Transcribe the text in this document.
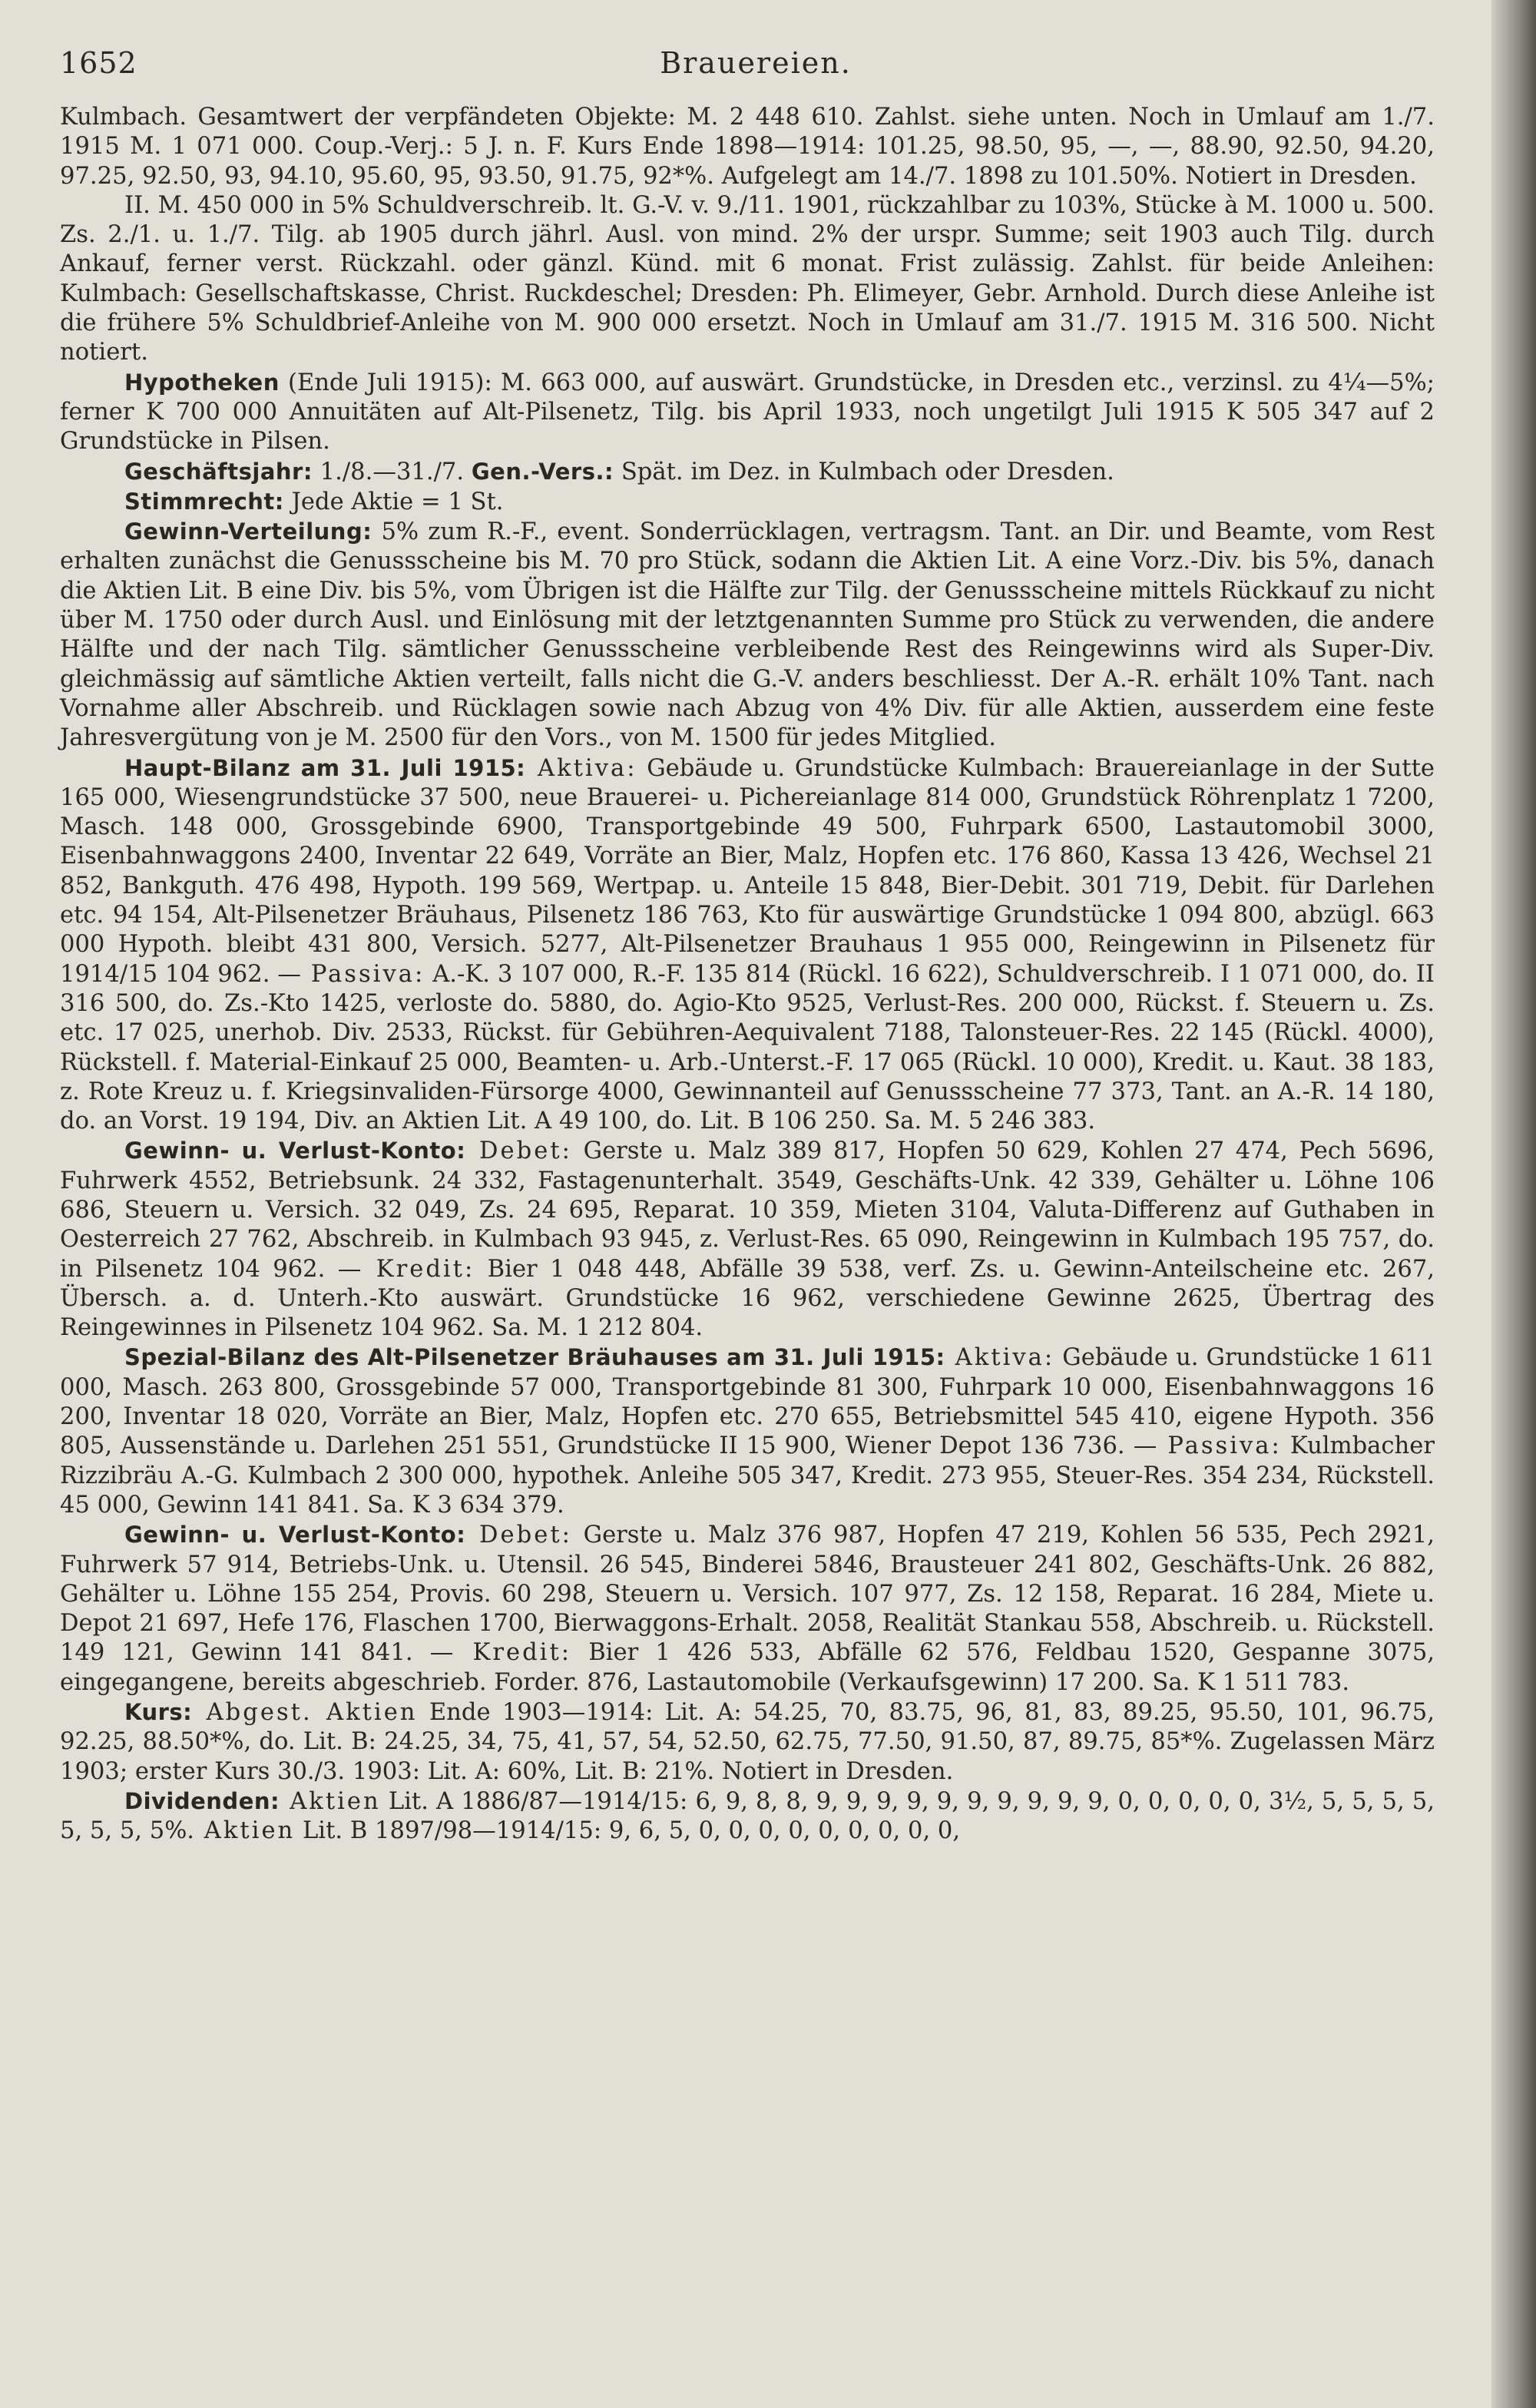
1652	Brauereien.

Kulmbach. Gesamtwert der verpfändeten Objekte: M. 2 448 610. Zahlst. siehe unten. Noch in Umlauf am 1./7. 1915 M. 1 071 000. Coup.-Verj.: 5 J. n. F. Kurs Ende 1898—1914: 101.25, 98.50, 95, —, —, 88.90, 92.50, 94.20, 97.25, 92.50, 93, 94.10, 95.60, 95, 93.50, 91.75, 92*%. Aufgelegt am 14./7. 1898 zu 101.50%. Notiert in Dresden.

II. M. 450 000 in 5% Schuldverschreib. lt. G.-V. v. 9./11. 1901, rückzahlbar zu 103%, Stücke à M. 1000 u. 500. Zs. 2./1. u. 1./7. Tilg. ab 1905 durch jährl. Ausl. von mind. 2% der urspr. Summe; seit 1903 auch Tilg. durch Ankauf, ferner verst. Rückzahl. oder gänzl. Künd. mit 6 monat. Frist zulässig. Zahlst. für beide Anleihen: Kulmbach: Gesellschaftskasse, Christ. Ruckdeschel; Dresden: Ph. Elimeyer, Gebr. Arnhold. Durch diese Anleihe ist die frühere 5% Schuldbrief-Anleihe von M. 900 000 ersetzt. Noch in Umlauf am 31./7. 1915 M. 316 500. Nicht notiert.

Hypotheken (Ende Juli 1915): M. 663 000, auf auswärt. Grundstücke, in Dresden etc., verzinsl. zu 4¼—5%; ferner K 700 000 Annuitäten auf Alt-Pilsenetz, Tilg. bis April 1933, noch ungetilgt Juli 1915 K 505 347 auf 2 Grundstücke in Pilsen.

Geschäftsjahr: 1./8.—31./7. Gen.-Vers.: Spät. im Dez. in Kulmbach oder Dresden.

Stimmrecht: Jede Aktie = 1 St.

Gewinn-Verteilung: 5% zum R.-F., event. Sonderrücklagen, vertragsm. Tant. an Dir. und Beamte, vom Rest erhalten zunächst die Genussscheine bis M. 70 pro Stück, sodann die Aktien Lit. A eine Vorz.-Div. bis 5%, danach die Aktien Lit. B eine Div. bis 5%, vom Übrigen ist die Hälfte zur Tilg. der Genussscheine mittels Rückkauf zu nicht über M. 1750 oder durch Ausl. und Einlösung mit der letztgenannten Summe pro Stück zu verwenden, die andere Hälfte und der nach Tilg. sämtlicher Genussscheine verbleibende Rest des Reingewinns wird als Super-Div. gleichmässig auf sämtliche Aktien verteilt, falls nicht die G.-V. anders beschliesst. Der A.-R. erhält 10% Tant. nach Vornahme aller Abschreib. und Rücklagen sowie nach Abzug von 4% Div. für alle Aktien, ausserdem eine feste Jahresvergütung von je M. 2500 für den Vors., von M. 1500 für jedes Mitglied.

Haupt-Bilanz am 31. Juli 1915: Aktiva: Gebäude u. Grundstücke Kulmbach: Brauereianlage in der Sutte 165 000, Wiesengrundstücke 37 500, neue Brauerei- u. Pichereianlage 814 000, Grundstück Röhrenplatz 1 7200, Masch. 148 000, Grossgebinde 6900, Transportgebinde 49 500, Fuhrpark 6500, Lastautomobil 3000, Eisenbahnwaggons 2400, Inventar 22 649, Vorräte an Bier, Malz, Hopfen etc. 176 860, Kassa 13 426, Wechsel 21 852, Bankguth. 476 498, Hypoth. 199 569, Wertpap. u. Anteile 15 848, Bier-Debit. 301 719, Debit. für Darlehen etc. 94 154, Alt-Pilsenetzer Bräuhaus, Pilsenetz 186 763, Kto für auswärtige Grundstücke 1 094 800, abzügl. 663 000 Hypoth. bleibt 431 800, Versich. 5277, Alt-Pilsenetzer Brauhaus 1 955 000, Reingewinn in Pilsenetz für 1914/15 104 962. — Passiva: A.-K. 3 107 000, R.-F. 135 814 (Rückl. 16 622), Schuldverschreib. I 1 071 000, do. II 316 500, do. Zs.-Kto 1425, verloste do. 5880, do. Agio-Kto 9525, Verlust-Res. 200 000, Rückst. f. Steuern u. Zs. etc. 17 025, unerhob. Div. 2533, Rückst. für Gebühren-Aequivalent 7188, Talonsteuer-Res. 22 145 (Rückl. 4000), Rückstell. f. Material-Einkauf 25 000, Beamten- u. Arb.-Unterst.-F. 17 065 (Rückl. 10 000), Kredit. u. Kaut. 38 183, z. Rote Kreuz u. f. Kriegsinvaliden-Fürsorge 4000, Gewinnanteil auf Genussscheine 77 373, Tant. an A.-R. 14 180, do. an Vorst. 19 194, Div. an Aktien Lit. A 49 100, do. Lit. B 106 250. Sa. M. 5 246 383.

Gewinn- u. Verlust-Konto: Debet: Gerste u. Malz 389 817, Hopfen 50 629, Kohlen 27 474, Pech 5696, Fuhrwerk 4552, Betriebsunk. 24 332, Fastagenunterhalt. 3549, Geschäfts-Unk. 42 339, Gehälter u. Löhne 106 686, Steuern u. Versich. 32 049, Zs. 24 695, Reparat. 10 359, Mieten 3104, Valuta-Differenz auf Guthaben in Oesterreich 27 762, Abschreib. in Kulmbach 93 945, z. Verlust-Res. 65 090, Reingewinn in Kulmbach 195 757, do. in Pilsenetz 104 962. — Kredit: Bier 1 048 448, Abfälle 39 538, verf. Zs. u. Gewinn-Anteilscheine etc. 267, Übersch. a. d. Unterh.-Kto auswärt. Grundstücke 16 962, verschiedene Gewinne 2625, Übertrag des Reingewinnes in Pilsenetz 104 962. Sa. M. 1 212 804.

Spezial-Bilanz des Alt-Pilsenetzer Bräuhauses am 31. Juli 1915: Aktiva: Gebäude u. Grundstücke 1 611 000, Masch. 263 800, Grossgebinde 57 000, Transportgebinde 81 300, Fuhrpark 10 000, Eisenbahnwaggons 16 200, Inventar 18 020, Vorräte an Bier, Malz, Hopfen etc. 270 655, Betriebsmittel 545 410, eigene Hypoth. 356 805, Aussenstände u. Darlehen 251 551, Grundstücke II 15 900, Wiener Depot 136 736. — Passiva: Kulmbacher Rizzibräu A.-G. Kulmbach 2 300 000, hypothek. Anleihe 505 347, Kredit. 273 955, Steuer-Res. 354 234, Rückstell. 45 000, Gewinn 141 841. Sa. K 3 634 379.

Gewinn- u. Verlust-Konto: Debet: Gerste u. Malz 376 987, Hopfen 47 219, Kohlen 56 535, Pech 2921, Fuhrwerk 57 914, Betriebs-Unk. u. Utensil. 26 545, Binderei 5846, Brausteuer 241 802, Geschäfts-Unk. 26 882, Gehälter u. Löhne 155 254, Provis. 60 298, Steuern u. Versich. 107 977, Zs. 12 158, Reparat. 16 284, Miete u. Depot 21 697, Hefe 176, Flaschen 1700, Bierwaggons-Erhalt. 2058, Realität Stankau 558, Abschreib. u. Rückstell. 149 121, Gewinn 141 841. — Kredit: Bier 1 426 533, Abfälle 62 576, Feldbau 1520, Gespanne 3075, eingegangene, bereits abgeschrieb. Forder. 876, Lastautomobile (Verkaufsgewinn) 17 200. Sa. K 1 511 783.

Kurs: Abgest. Aktien Ende 1903—1914: Lit. A: 54.25, 70, 83.75, 96, 81, 83, 89.25, 95.50, 101, 96.75, 92.25, 88.50*%, do. Lit. B: 24.25, 34, 75, 41, 57, 54, 52.50, 62.75, 77.50, 91.50, 87, 89.75, 85*%. Zugelassen März 1903; erster Kurs 30./3. 1903: Lit. A: 60%, Lit. B: 21%. Notiert in Dresden.

Dividenden: Aktien Lit. A 1886/87—1914/15: 6, 9, 8, 8, 9, 9, 9, 9, 9, 9, 9, 9, 9, 9, 0, 0, 0, 0, 0, 3½, 5, 5, 5, 5, 5, 5, 5, 5%. Aktien Lit. B 1897/98—1914/15: 9, 6, 5, 0, 0, 0, 0, 0, 0, 0, 0, 0,
